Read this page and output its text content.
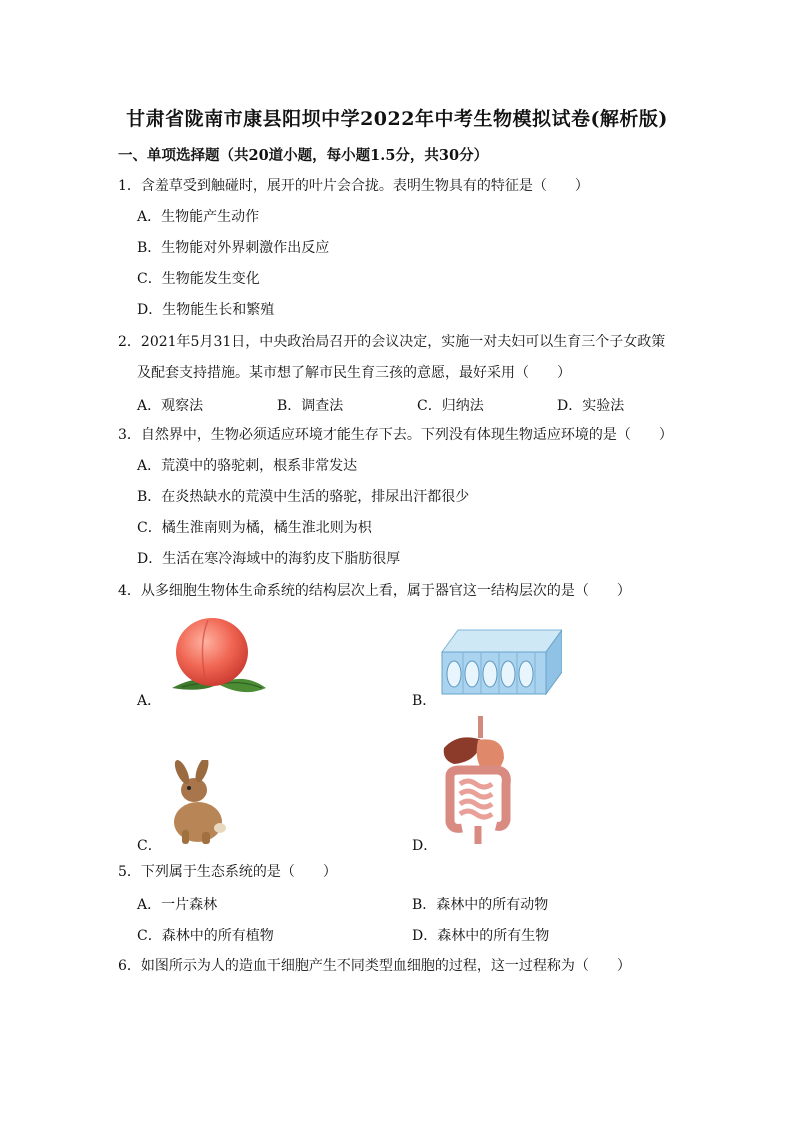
甘肃省陇南市康县阳坝中学2022年中考生物模拟试卷(解析版)
一、单项选择题（共20道小题，每小题1.5分，共30分）
1．含羞草受到触碰时，展开的叶片会合拢。表明生物具有的特征是（　　）
A．生物能产生动作
B．生物能对外界刺激作出反应
C．生物能发生变化
D．生物能生长和繁殖
2．2021年5月31日，中央政治局召开的会议决定，实施一对夫妇可以生育三个子女政策
及配套支持措施。某市想了解市民生育三孩的意愿，最好采用（　　）
A．观察法	B．调查法	C．归纳法	D．实验法
3．自然界中，生物必须适应环境才能生存下去。下列没有体现生物适应环境的是（　　）
A．荒漠中的骆驼刺，根系非常发达
B．在炎热缺水的荒漠中生活的骆驼，排尿出汗都很少
C．橘生淮南则为橘，橘生淮北则为枳
D．生活在寒冷海域中的海豹皮下脂肪很厚
4．从多细胞生物体生命系统的结构层次上看，属于器官这一结构层次的是（　　）
A．	B．
C．	D．
5．下列属于生态系统的是（　　）
A．一片森林	B．森林中的所有动物
C．森林中的所有植物	D．森林中的所有生物
6．如图所示为人的造血干细胞产生不同类型血细胞的过程，这一过程称为（　　）
